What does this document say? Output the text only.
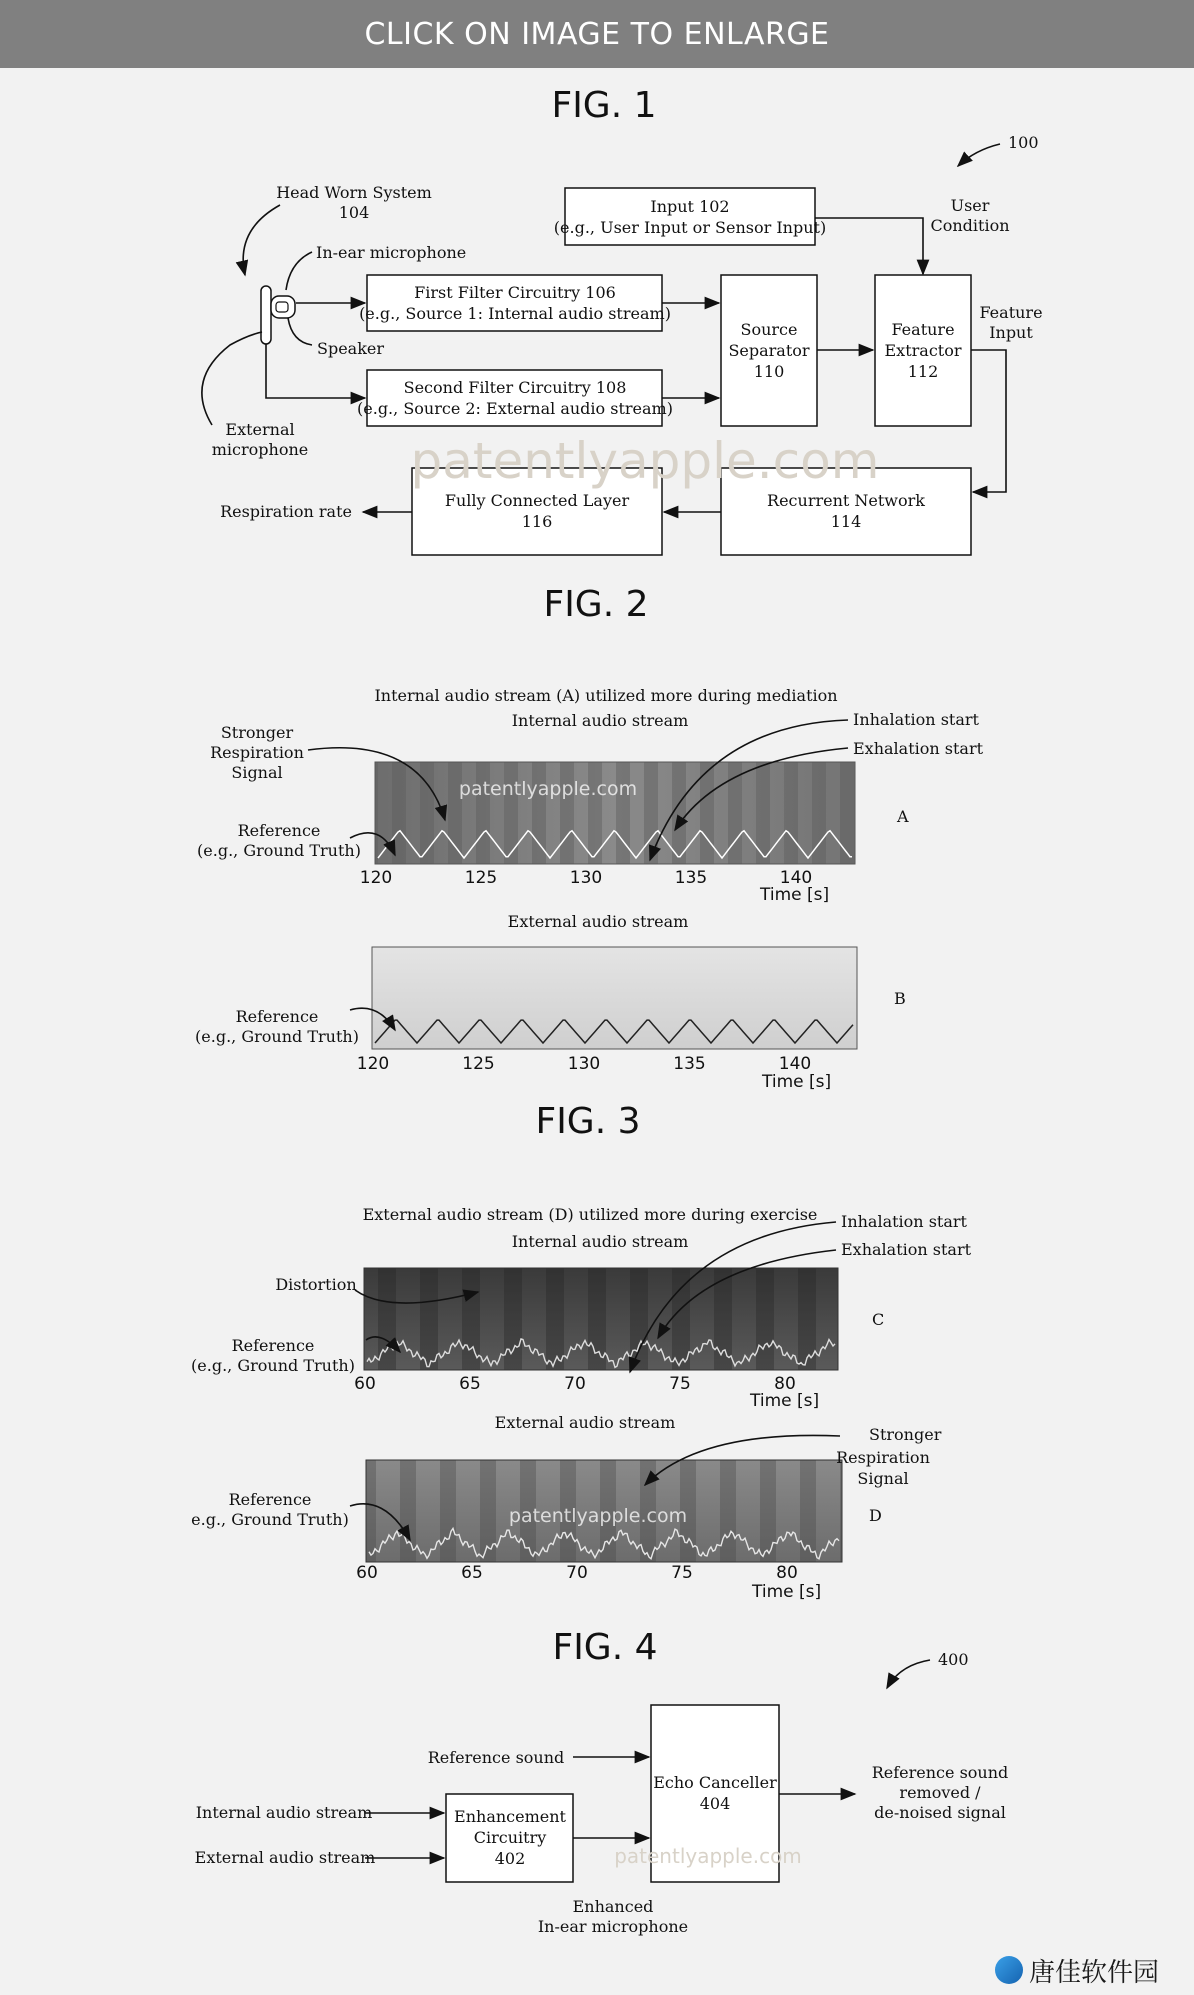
CLICK ON IMAGE TO ENLARGE
FIG. 1
100
Head Worn System
104
In-ear microphone
Speaker
External
microphone
Input 102
(e.g., User Input or Sensor Input)
User
Condition
First Filter Circuitry 106
(e.g., Source 1: Internal audio stream)
Second Filter Circuitry 108
(e.g., Source 2: External audio stream)
Source
Separator
110
Feature
Extractor
112
Feature
Input
Recurrent Network
114
Fully Connected Layer
116
Respiration rate
patentlyapple.com
FIG. 2
Internal audio stream (A) utilized more during mediation
Internal audio stream
patentlyapple.com
120	125	130	135	140
Time [s]
A
Stronger
Respiration
Signal
Reference
(e.g., Ground Truth)
Inhalation start
Exhalation start
External audio stream
120	125	130	135	140
Time [s]
B
Reference
(e.g., Ground Truth)
FIG. 3
External audio stream (D) utilized more during exercise
Internal audio stream
60	65	70	75	80
Time [s]
C
Distortion
Reference
(e.g., Ground Truth)
Inhalation start
Exhalation start
External audio stream
patentlyapple.com
60	65	70	75	80
Time [s]
D
Stronger
Respiration
Signal
Reference
e.g., Ground Truth)
FIG. 4	400
Echo Canceller
404
Enhancement
Circuitry
402
Reference sound
Internal audio stream
External audio stream
Reference sound
removed /
de-noised signal
patentlyapple.com
Enhanced
In-ear microphone
唐佳软件园
